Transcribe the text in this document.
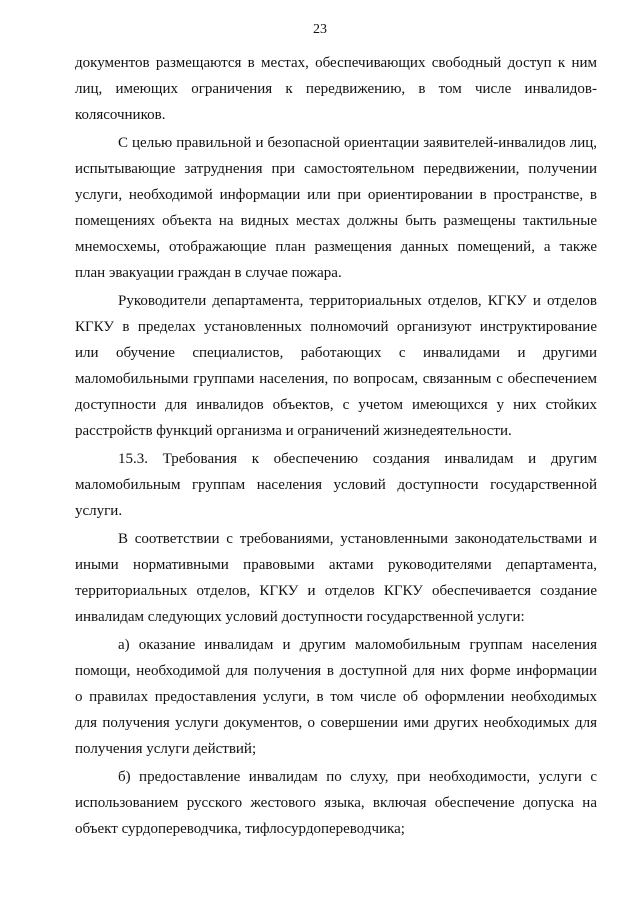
23
документов размещаются в местах, обеспечивающих свободный доступ к ним
лиц, имеющих ограничения к передвижению, в том числе инвалидов-
колясочников.
С целью правильной и безопасной ориентации заявителей-инвалидов лиц,
испытывающие затруднения при самостоятельном передвижении, получении
услуги, необходимой информации или при ориентировании в пространстве, в
помещениях объекта на видных местах должны быть размещены тактильные
мнемосхемы, отображающие план размещения данных помещений, а также
план эвакуации граждан в случае пожара.
Руководители департамента, территориальных отделов, КГКУ и отделов
КГКУ в пределах установленных полномочий организуют инструктирование
или обучение специалистов, работающих с инвалидами и другими
маломобильными группами населения, по вопросам, связанным с обеспечением
доступности для инвалидов объектов, с учетом имеющихся у них стойких
расстройств функций организма и ограничений жизнедеятельности.
15.3. Требования к обеспечению создания инвалидам и другим
маломобильным группам населения условий доступности государственной
услуги.
В соответствии с требованиями, установленными законодательствами и
иными нормативными правовыми актами руководителями департамента,
территориальных отделов, КГКУ и отделов КГКУ обеспечивается создание
инвалидам следующих условий доступности государственной услуги:
а) оказание инвалидам и другим маломобильным группам населения
помощи, необходимой для получения в доступной для них форме информации
о правилах предоставления услуги, в том числе об оформлении необходимых
для получения услуги документов, о совершении ими других необходимых для
получения услуги действий;
б) предоставление инвалидам по слуху, при необходимости, услуги с
использованием русского жестового языка, включая обеспечение допуска на
объект сурдопереводчика, тифлосурдопереводчика;
